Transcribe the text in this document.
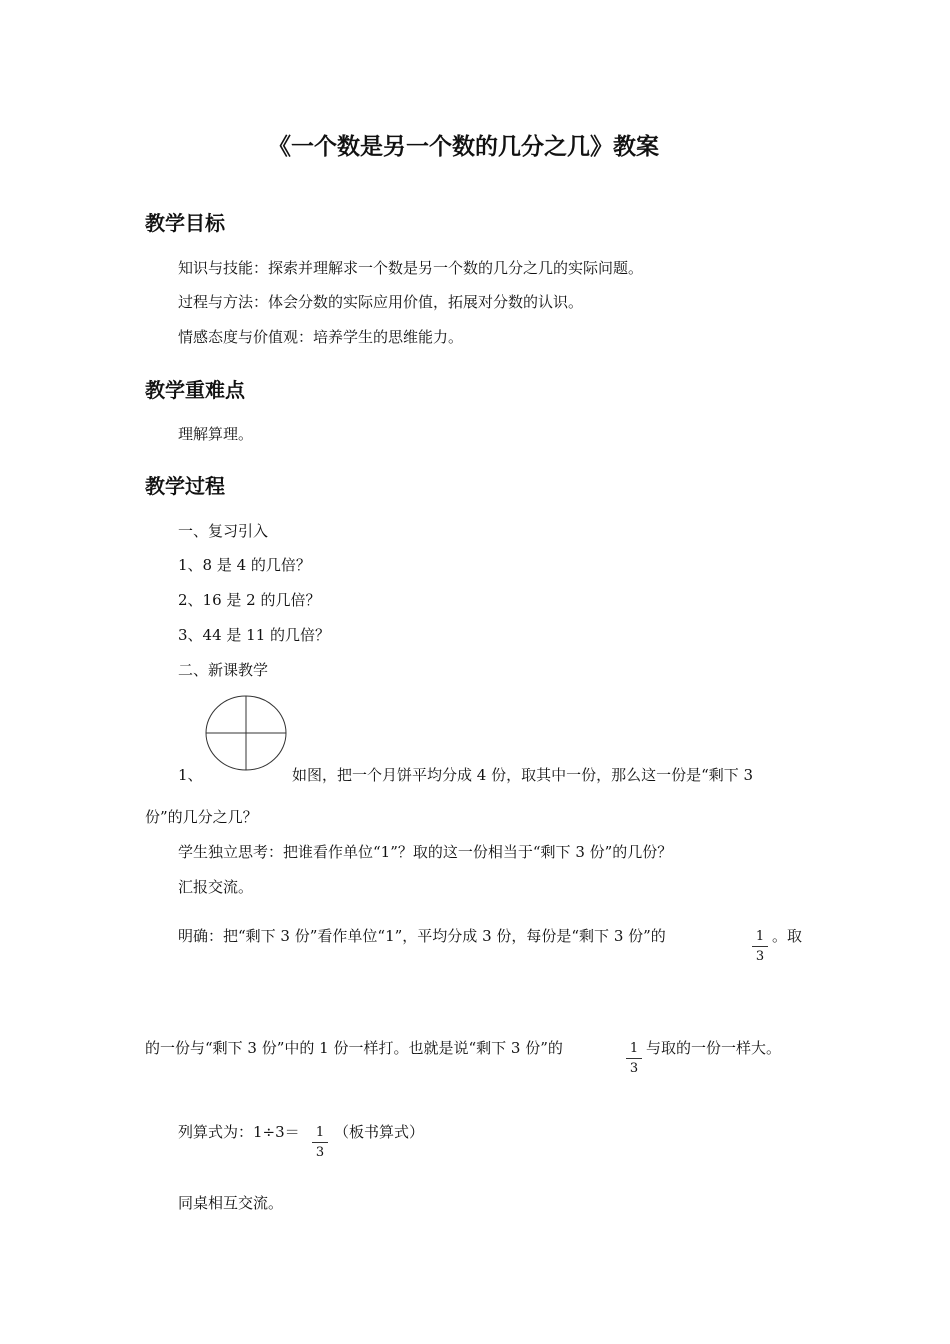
《一个数是另一个数的几分之几》教案
教学目标
知识与技能：探索并理解求一个数是另一个数的几分之几的实际问题。
过程与方法：体会分数的实际应用价值，拓展对分数的认识。
情感态度与价值观：培养学生的思维能力。
教学重难点
理解算理。
教学过程
一、复习引入
1、8 是 4 的几倍？
2、16 是 2 的几倍？
3、44 是 11 的几倍？
二、新课教学
1、	如图，把一个月饼平均分成 4 份，取其中一份，那么这一份是“剩下 3
份”的几分之几？
学生独立思考：把谁看作单位“1”？取的这一份相当于“剩下 3 份”的几份？
汇报交流。
明确：把“剩下 3 份”看作单位“1”，平均分成 3 份，每份是“剩下 3 份”的	1
3
。取
的一份与“剩下 3 份”中的 1 份一样打。也就是说“剩下 3 份”的	1
3
与取的一份一样大。
列算式为：1÷3＝ 1
3
（板书算式）
同桌相互交流。
